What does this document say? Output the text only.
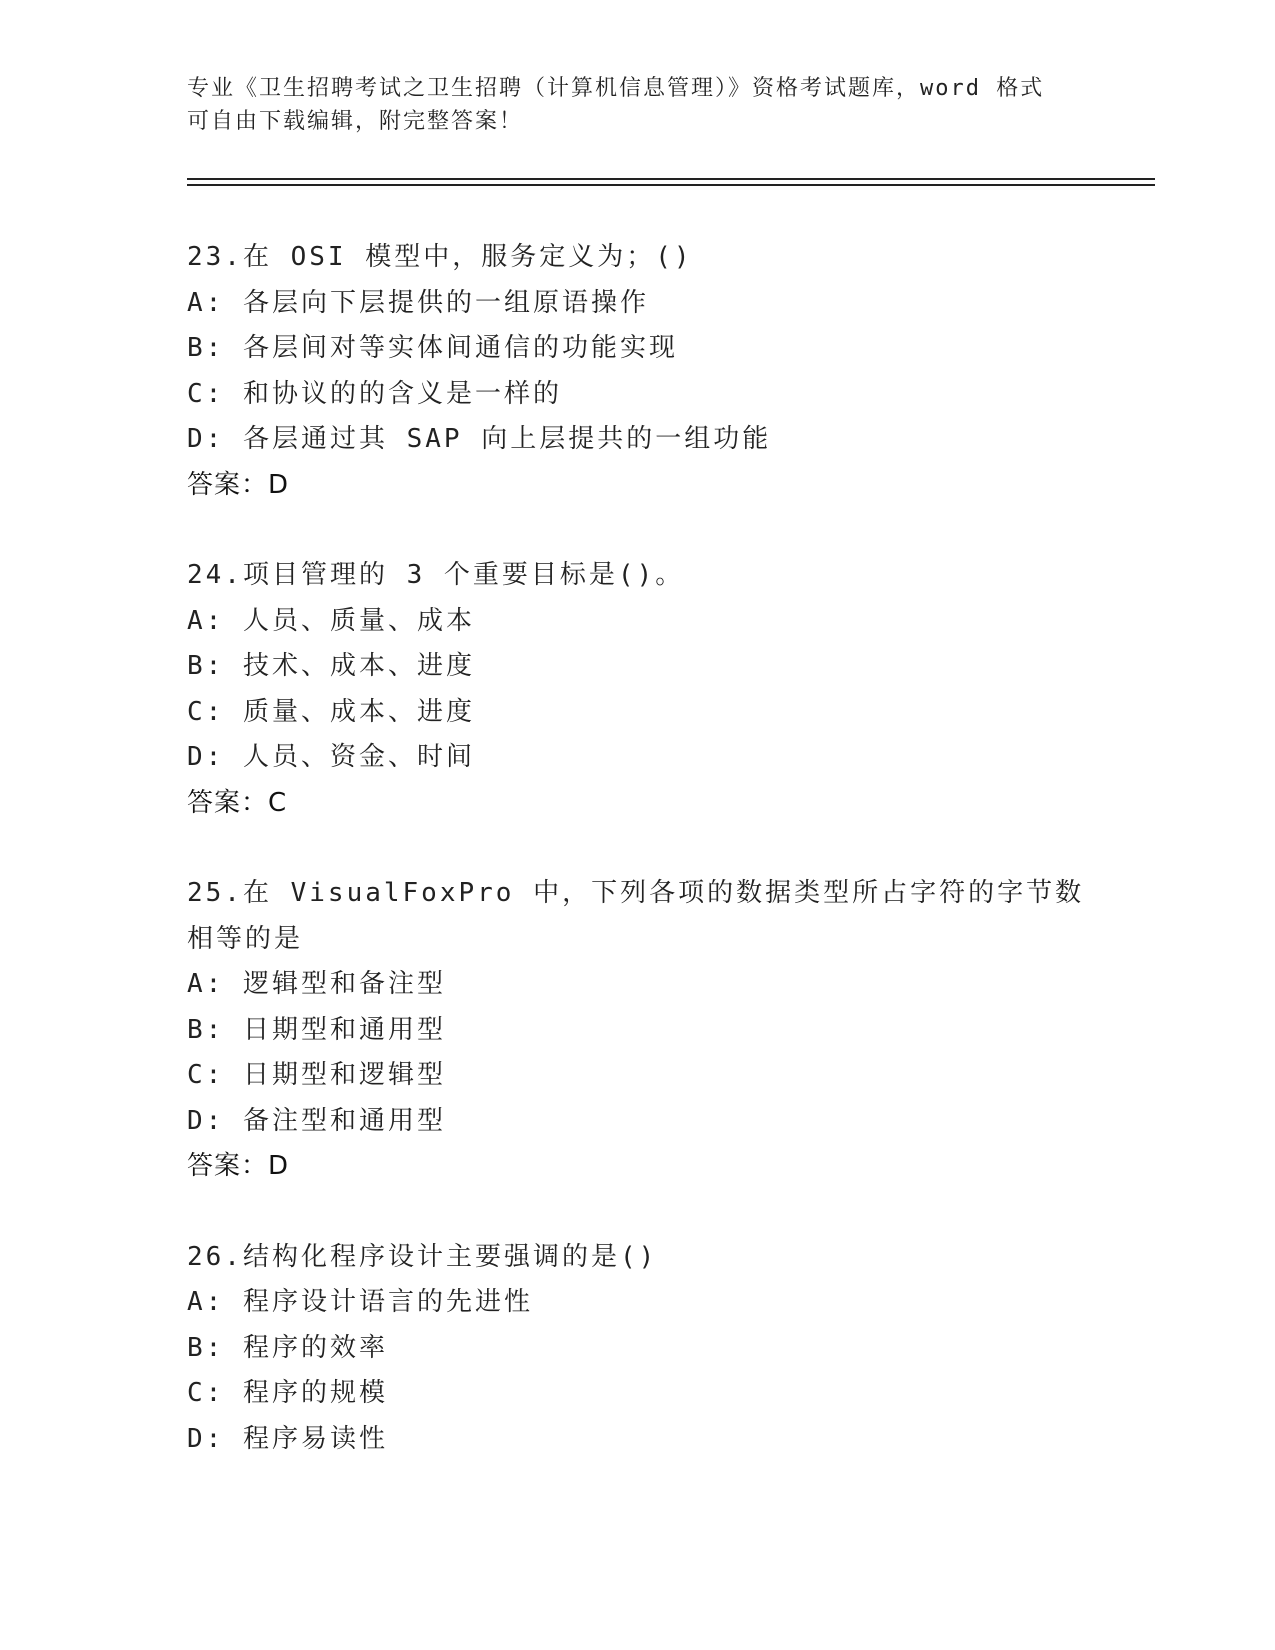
专业《卫生招聘考试之卫生招聘（计算机信息管理）》资格考试题库，word 格式
可自由下载编辑，附完整答案！
23.在 OSI 模型中，服务定义为；()
A: 各层向下层提供的一组原语操作
B: 各层间对等实体间通信的功能实现
C: 和协议的的含义是一样的
D: 各层通过其 SAP 向上层提共的一组功能
答案：D
24.项目管理的 3 个重要目标是()。
A: 人员、质量、成本
B: 技术、成本、进度
C: 质量、成本、进度
D: 人员、资金、时间
答案：C
25.在 VisualFoxPro 中，下列各项的数据类型所占字符的字节数相等的是
A: 逻辑型和备注型
B: 日期型和通用型
C: 日期型和逻辑型
D: 备注型和通用型
答案：D
26.结构化程序设计主要强调的是()
A: 程序设计语言的先进性
B: 程序的效率
C: 程序的规模
D: 程序易读性
